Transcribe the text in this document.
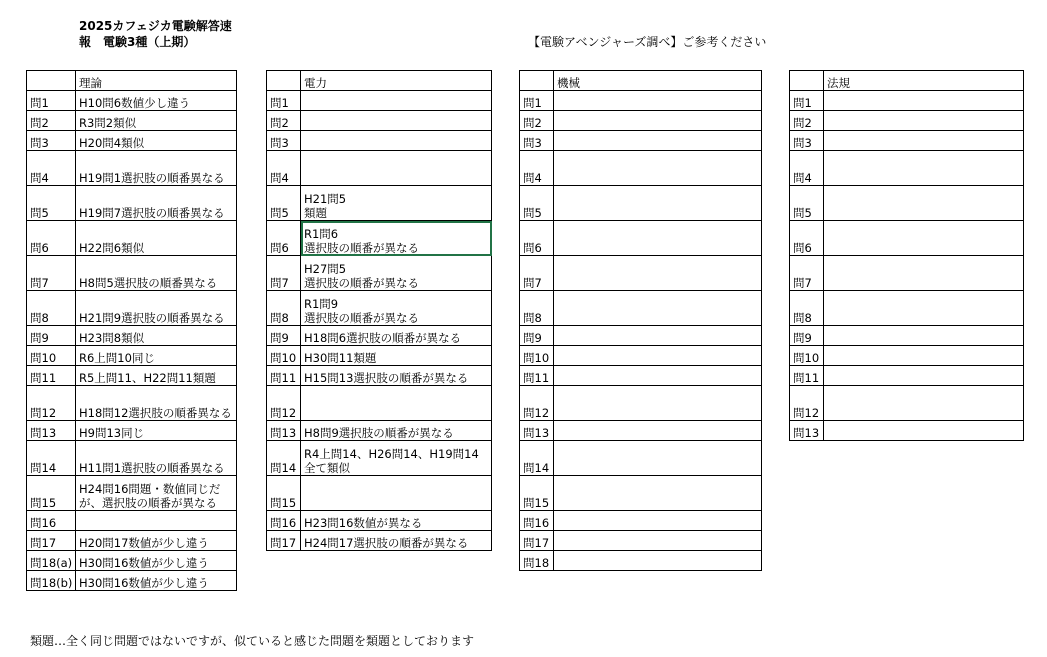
2025カフェジカ電験解答速
報　電験3種（上期）	【電験アベンジャーズ調べ】ご参考ください
	理論
問1	H10問6数値少し違う
問2	R3問2類似
問3	H20問4類似
問4	H19問1選択肢の順番異なる
問5	H19問7選択肢の順番異なる
問6	H22問6類似
問7	H8問5選択肢の順番異なる
問8	H21問9選択肢の順番異なる
問9	H23問8類似
問10	R6上問10同じ
問11	R5上問11、H22問11類題
問12	H18問12選択肢の順番異なる
問13	H9問13同じ
問14	H11問1選択肢の順番異なる
問15	H24問16問題・数値同じだが、選択肢の順番が異なる
問16	
問17	H20問17数値が少し違う
問18(a)	H30問16数値が少し違う
問18(b)	H30問16数値が少し違う
	電力
問1	
問2	
問3	
問4	
問5	H21問5
類題
問6	R1問6
選択肢の順番が異なる
問7	H27問5
選択肢の順番が異なる
問8	R1問9
選択肢の順番が異なる
問9	H18問6選択肢の順番が異なる
問10	H30問11類題
問11	H15問13選択肢の順番が異なる
問12	
問13	H8問9選択肢の順番が異なる
問14	R4上問14、H26問14、H19問14
全て類似
問15	
問16	H23問16数値が異なる
問17	H24問17選択肢の順番が異なる
	機械
問1	
問2	
問3	
問4	
問5	
問6	
問7	
問8	
問9	
問10	
問11	
問12	
問13	
問14	
問15	
問16	
問17	
問18	
	法規
問1	
問2	
問3	
問4	
問5	
問6	
問7	
問8	
問9	
問10	
問11	
問12	
問13	
類題…全く同じ問題ではないですが、似ていると感じた問題を類題としております
